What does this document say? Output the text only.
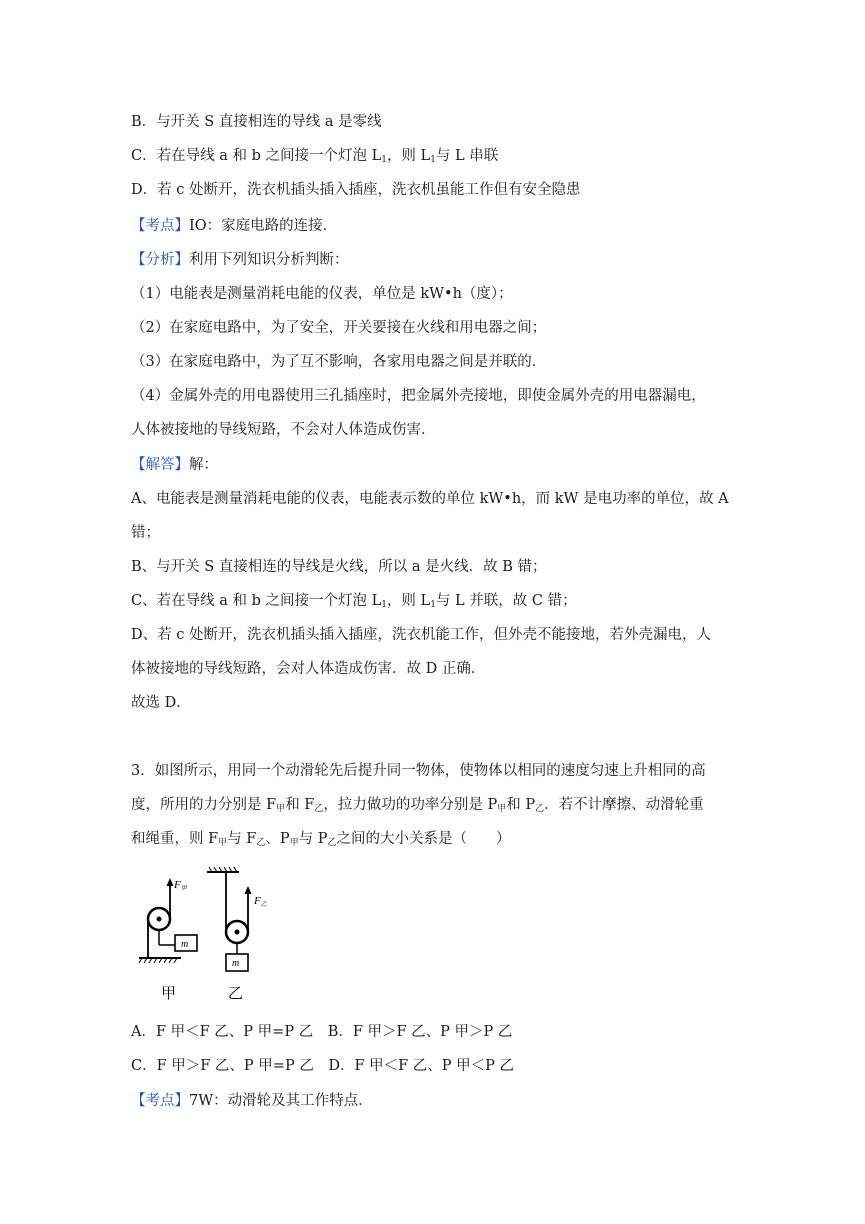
B．与开关 S 直接相连的导线 a 是零线
C．若在导线 a 和 b 之间接一个灯泡 $L_1$，则 $L_1$与 L 串联
D．若 c 处断开，洗衣机插头插入插座，洗衣机虽能工作但有安全隐患
【考点】IO：家庭电路的连接．
【分析】利用下列知识分析判断：
（1）电能表是测量消耗电能的仪表，单位是 kW•h（度）；
（2）在家庭电路中，为了安全，开关要接在火线和用电器之间；
（3）在家庭电路中，为了互不影响，各家用电器之间是并联的．
（4）金属外壳的用电器使用三孔插座时，把金属外壳接地，即使金属外壳的用电器漏电，
人体被接地的导线短路，不会对人体造成伤害．
【解答】解：
A、电能表是测量消耗电能的仪表，电能表示数的单位 kW•h，而 kW 是电功率的单位，故 A
错；
B、与开关 S 直接相连的导线是火线，所以 a 是火线．故 B 错；
C、若在导线 a 和 b 之间接一个灯泡 $L_1$，则 $L_1$与 L 并联，故 C 错；
D、若 c 处断开，洗衣机插头插入插座，洗衣机能工作，但外壳不能接地，若外壳漏电，人
体被接地的导线短路，会对人体造成伤害．故 D 正确．
故选 D．
3．如图所示，用同一个动滑轮先后提升同一物体，使物体以相同的速度匀速上升相同的高
度，所用的力分别是 $F_甲$和 $F_乙$，拉力做功的功率分别是 $P_甲$和 $P_乙$．若不计摩擦、动滑轮重
和绳重，则 $F_甲$与 $F_乙$、$P_甲$与 $P_乙$之间的大小关系是（　　）
F甲
m
F乙
m
甲	乙
A．F 甲＜F 乙、P 甲=P 乙　B．F 甲＞F 乙、P 甲＞P 乙
C．F 甲＞F 乙、P 甲=P 乙　D．F 甲＜F 乙、P 甲＜P 乙
【考点】7W：动滑轮及其工作特点．
